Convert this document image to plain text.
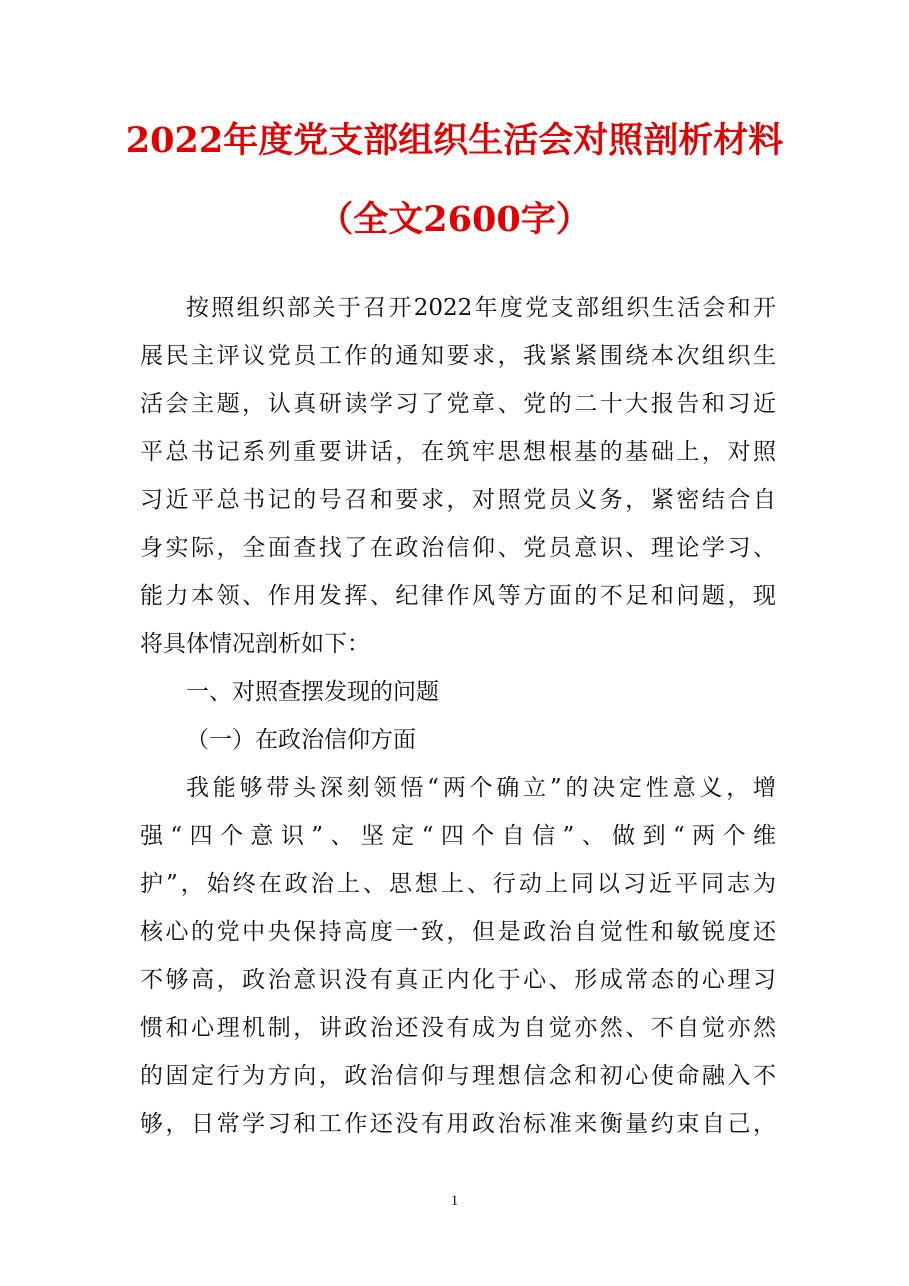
2022年度党支部组织生活会对照剖析材料
（全文2600字）
按照组织部关于召开2022年度党支部组织生活会和开
展民主评议党员工作的通知要求，我紧紧围绕本次组织生
活会主题，认真研读学习了党章、党的二十大报告和习近
平总书记系列重要讲话，在筑牢思想根基的基础上，对照
习近平总书记的号召和要求，对照党员义务，紧密结合自
身实际，全面查找了在政治信仰、党员意识、理论学习、
能力本领、作用发挥、纪律作风等方面的不足和问题，现
将具体情况剖析如下：
一、对照查摆发现的问题
（一）在政治信仰方面
我能够带头深刻领悟“两个确立”的决定性意义，增
强“四个意识”、坚定“四个自信”、做到“两个维
护”，始终在政治上、思想上、行动上同以习近平同志为
核心的党中央保持高度一致，但是政治自觉性和敏锐度还
不够高，政治意识没有真正内化于心、形成常态的心理习
惯和心理机制，讲政治还没有成为自觉亦然、不自觉亦然
的固定行为方向，政治信仰与理想信念和初心使命融入不
够，日常学习和工作还没有用政治标准来衡量约束自己，
1
